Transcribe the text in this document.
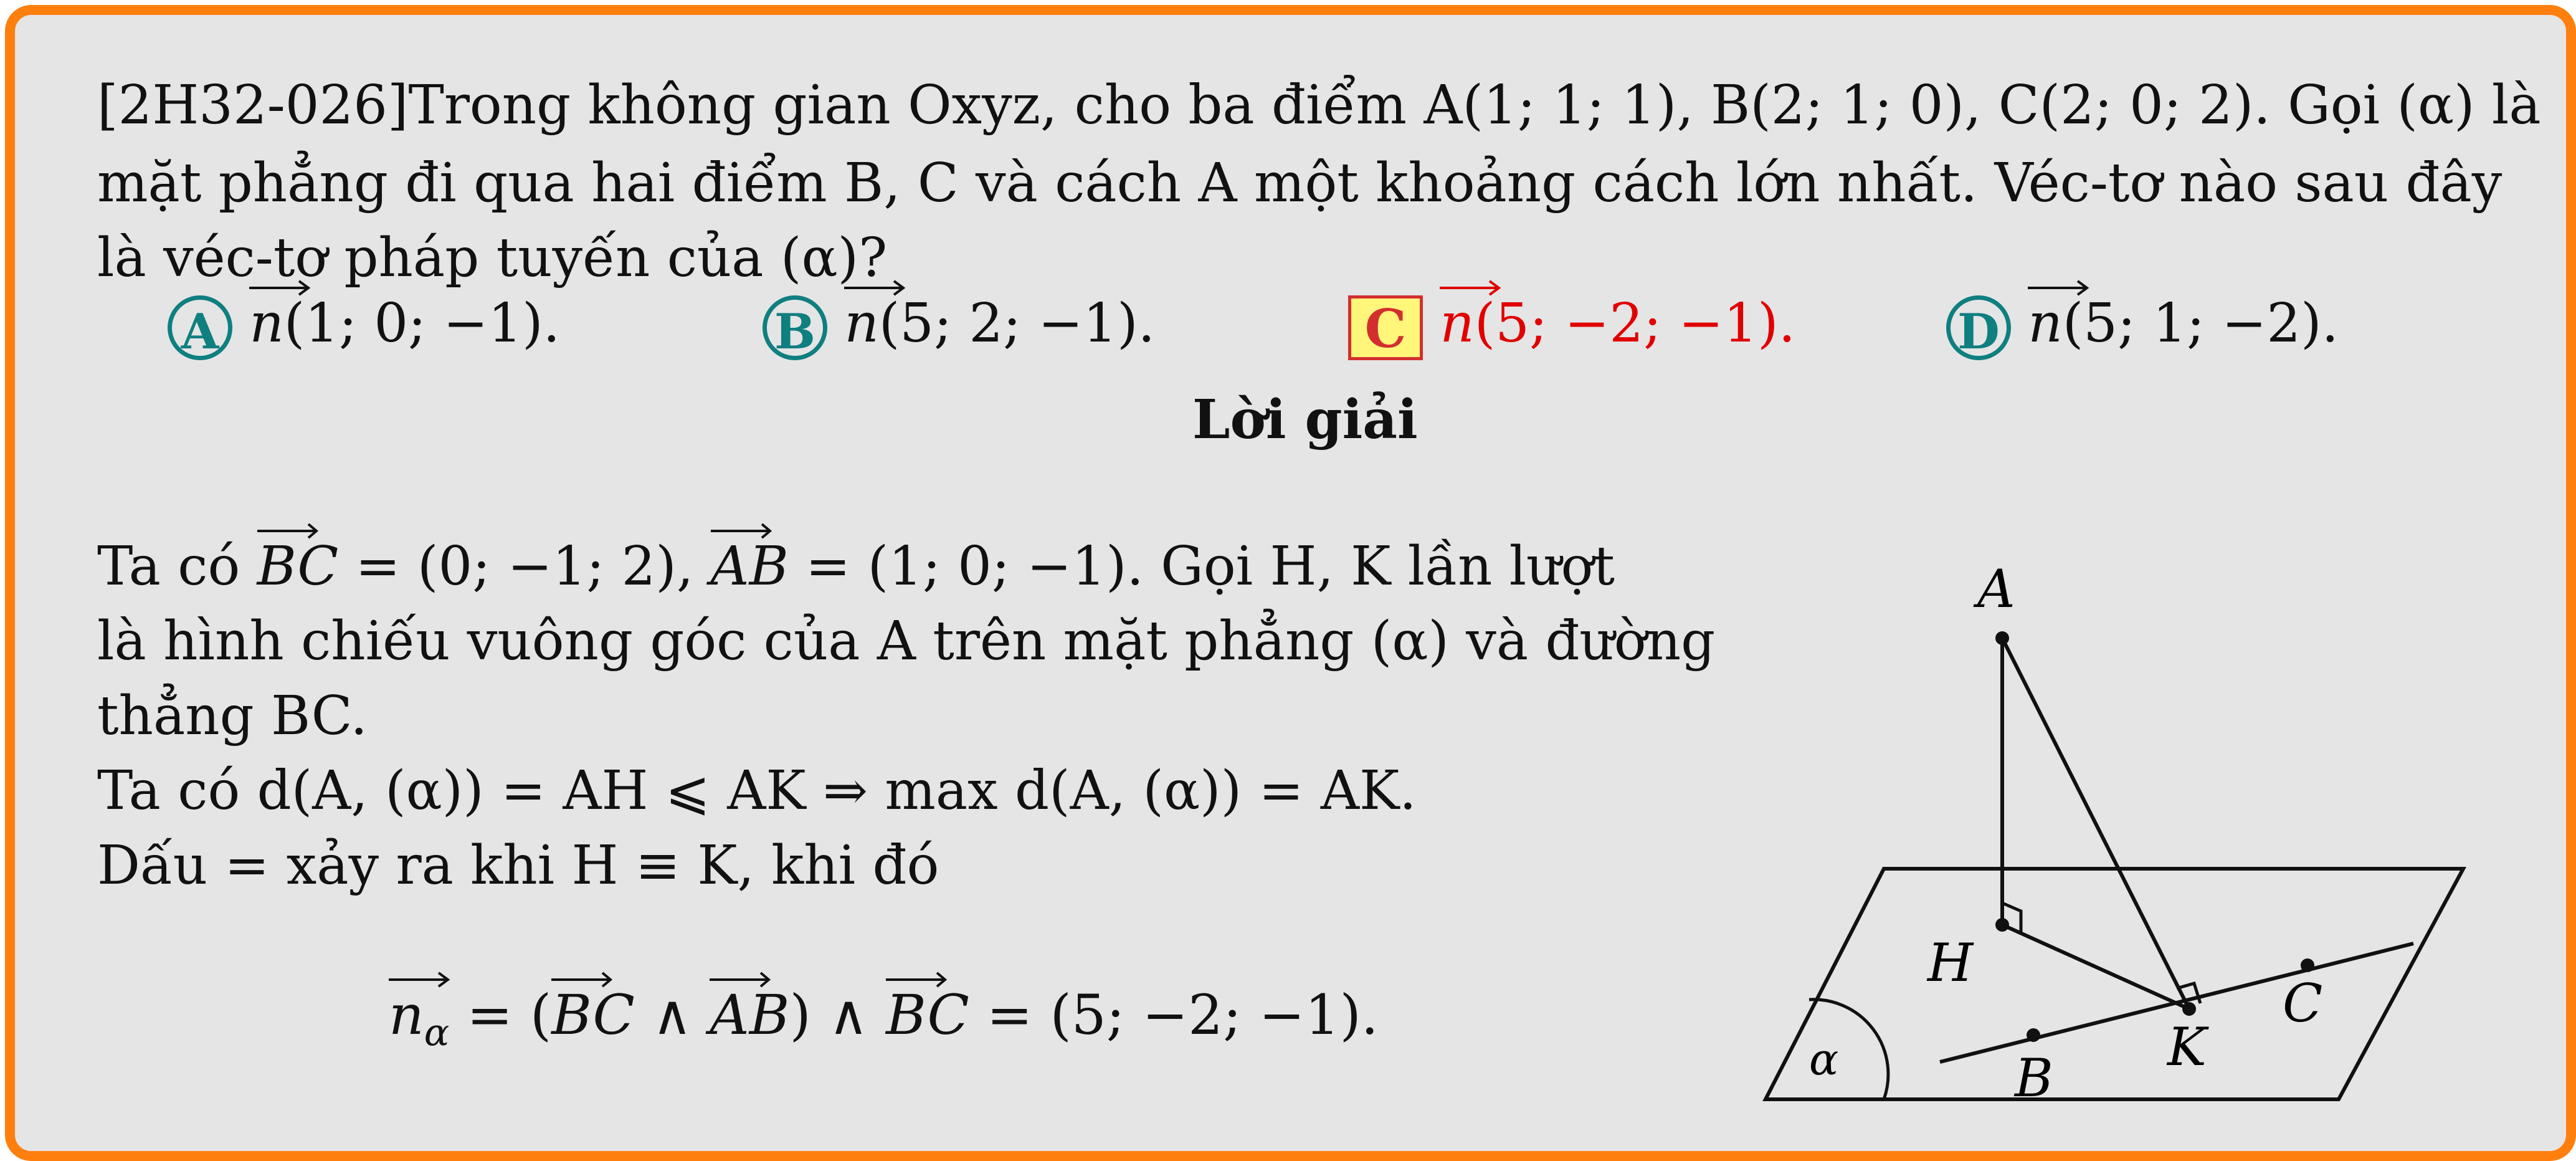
[2H32-026]Trong không gian Oxyz, cho ba điểm A(1; 1; 1), B(2; 1; 0), C(2; 0; 2). Gọi (α) là
mặt phẳng đi qua hai điểm B, C và cách A một khoảng cách lớn nhất. Véc-tơ nào sau đây
là véc-tơ pháp tuyến của (α)?
A n(1; 0; −1).	B n(5; 2; −1).	C n(5; −2; −1).	D n(5; 1; −2).
Lời giải
Ta có
BC = (0; −1; 2),
AB = (1; 0; −1). Gọi H, K lần lượt
là hình chiếu vuông góc của A trên mặt phẳng (α) và đường
thẳng BC.
Ta có d(A, (α)) = AH ⩽ AK ⇒ max d(A, (α)) = AK.
Dấu = xảy ra khi H ≡ K, khi đó
$n_\alpha$ = (
BC ∧
AB) ∧
BC = (5; −2; −1).
A
H
K
B
C
α
